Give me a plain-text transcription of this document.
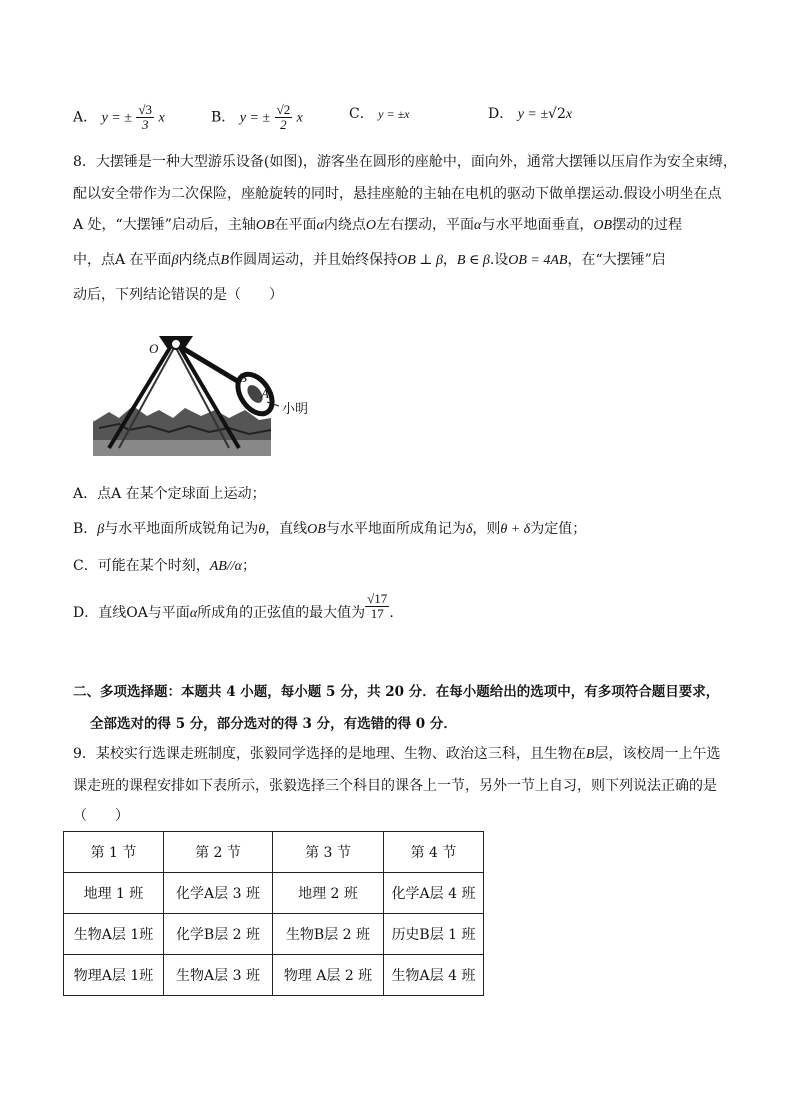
A． y = ± $\frac{√3}{3}$ x	B． y = ± $\frac{√2}{2}$ x	C． y = ±x	D． y = ±√2x
8．大摆锤是一种大型游乐设备(如图)，游客坐在圆形的座舱中，面向外，通常大摆锤以压肩作为安全束缚，
配以安全带作为二次保险，座舱旋转的同时，悬挂座舱的主轴在电机的驱动下做单摆运动.假设小明坐在点
A 处，“大摆锤”启动后，主轴OB在平面α内绕点O左右摆动，平面α与水平地面垂直，OB摆动的过程
中，点A 在平面β内绕点B作圆周运动，并且始终保持OB ⊥ β，B ∈ β.设OB = 4AB，在“大摆锤”启
动后，下列结论错误的是（　　）
O
B
A
小明
A．点A 在某个定球面上运动；
B．β与水平地面所成锐角记为θ，直线OB与水平地面所成角记为δ，则θ + δ为定值；
C．可能在某个时刻，AB//α；
D．直线OA与平面α所成角的正弦值的最大值为 $\frac{√17}{17}$ .
二、多项选择题：本题共 4 小题，每小题 5 分，共 20 分．在每小题给出的选项中，有多项符合题目要求，
全部选对的得 5 分，部分选对的得 3 分，有选错的得 0 分．
9．某校实行选课走班制度，张毅同学选择的是地理、生物、政治这三科，且生物在B层，该校周一上午选
课走班的课程安排如下表所示，张毅选择三个科目的课各上一节，另外一节上自习，则下列说法正确的是
（　　）
第 1 节	第 2 节	第 3 节	第 4 节
地理 1 班	化学A层 3 班	地理 2 班	化学A层 4 班
生物A层 1班	化学B层 2 班	生物B层 2 班	历史B层 1 班
物理A层 1班	生物A层 3 班	物理 A层 2 班	生物A层 4 班
